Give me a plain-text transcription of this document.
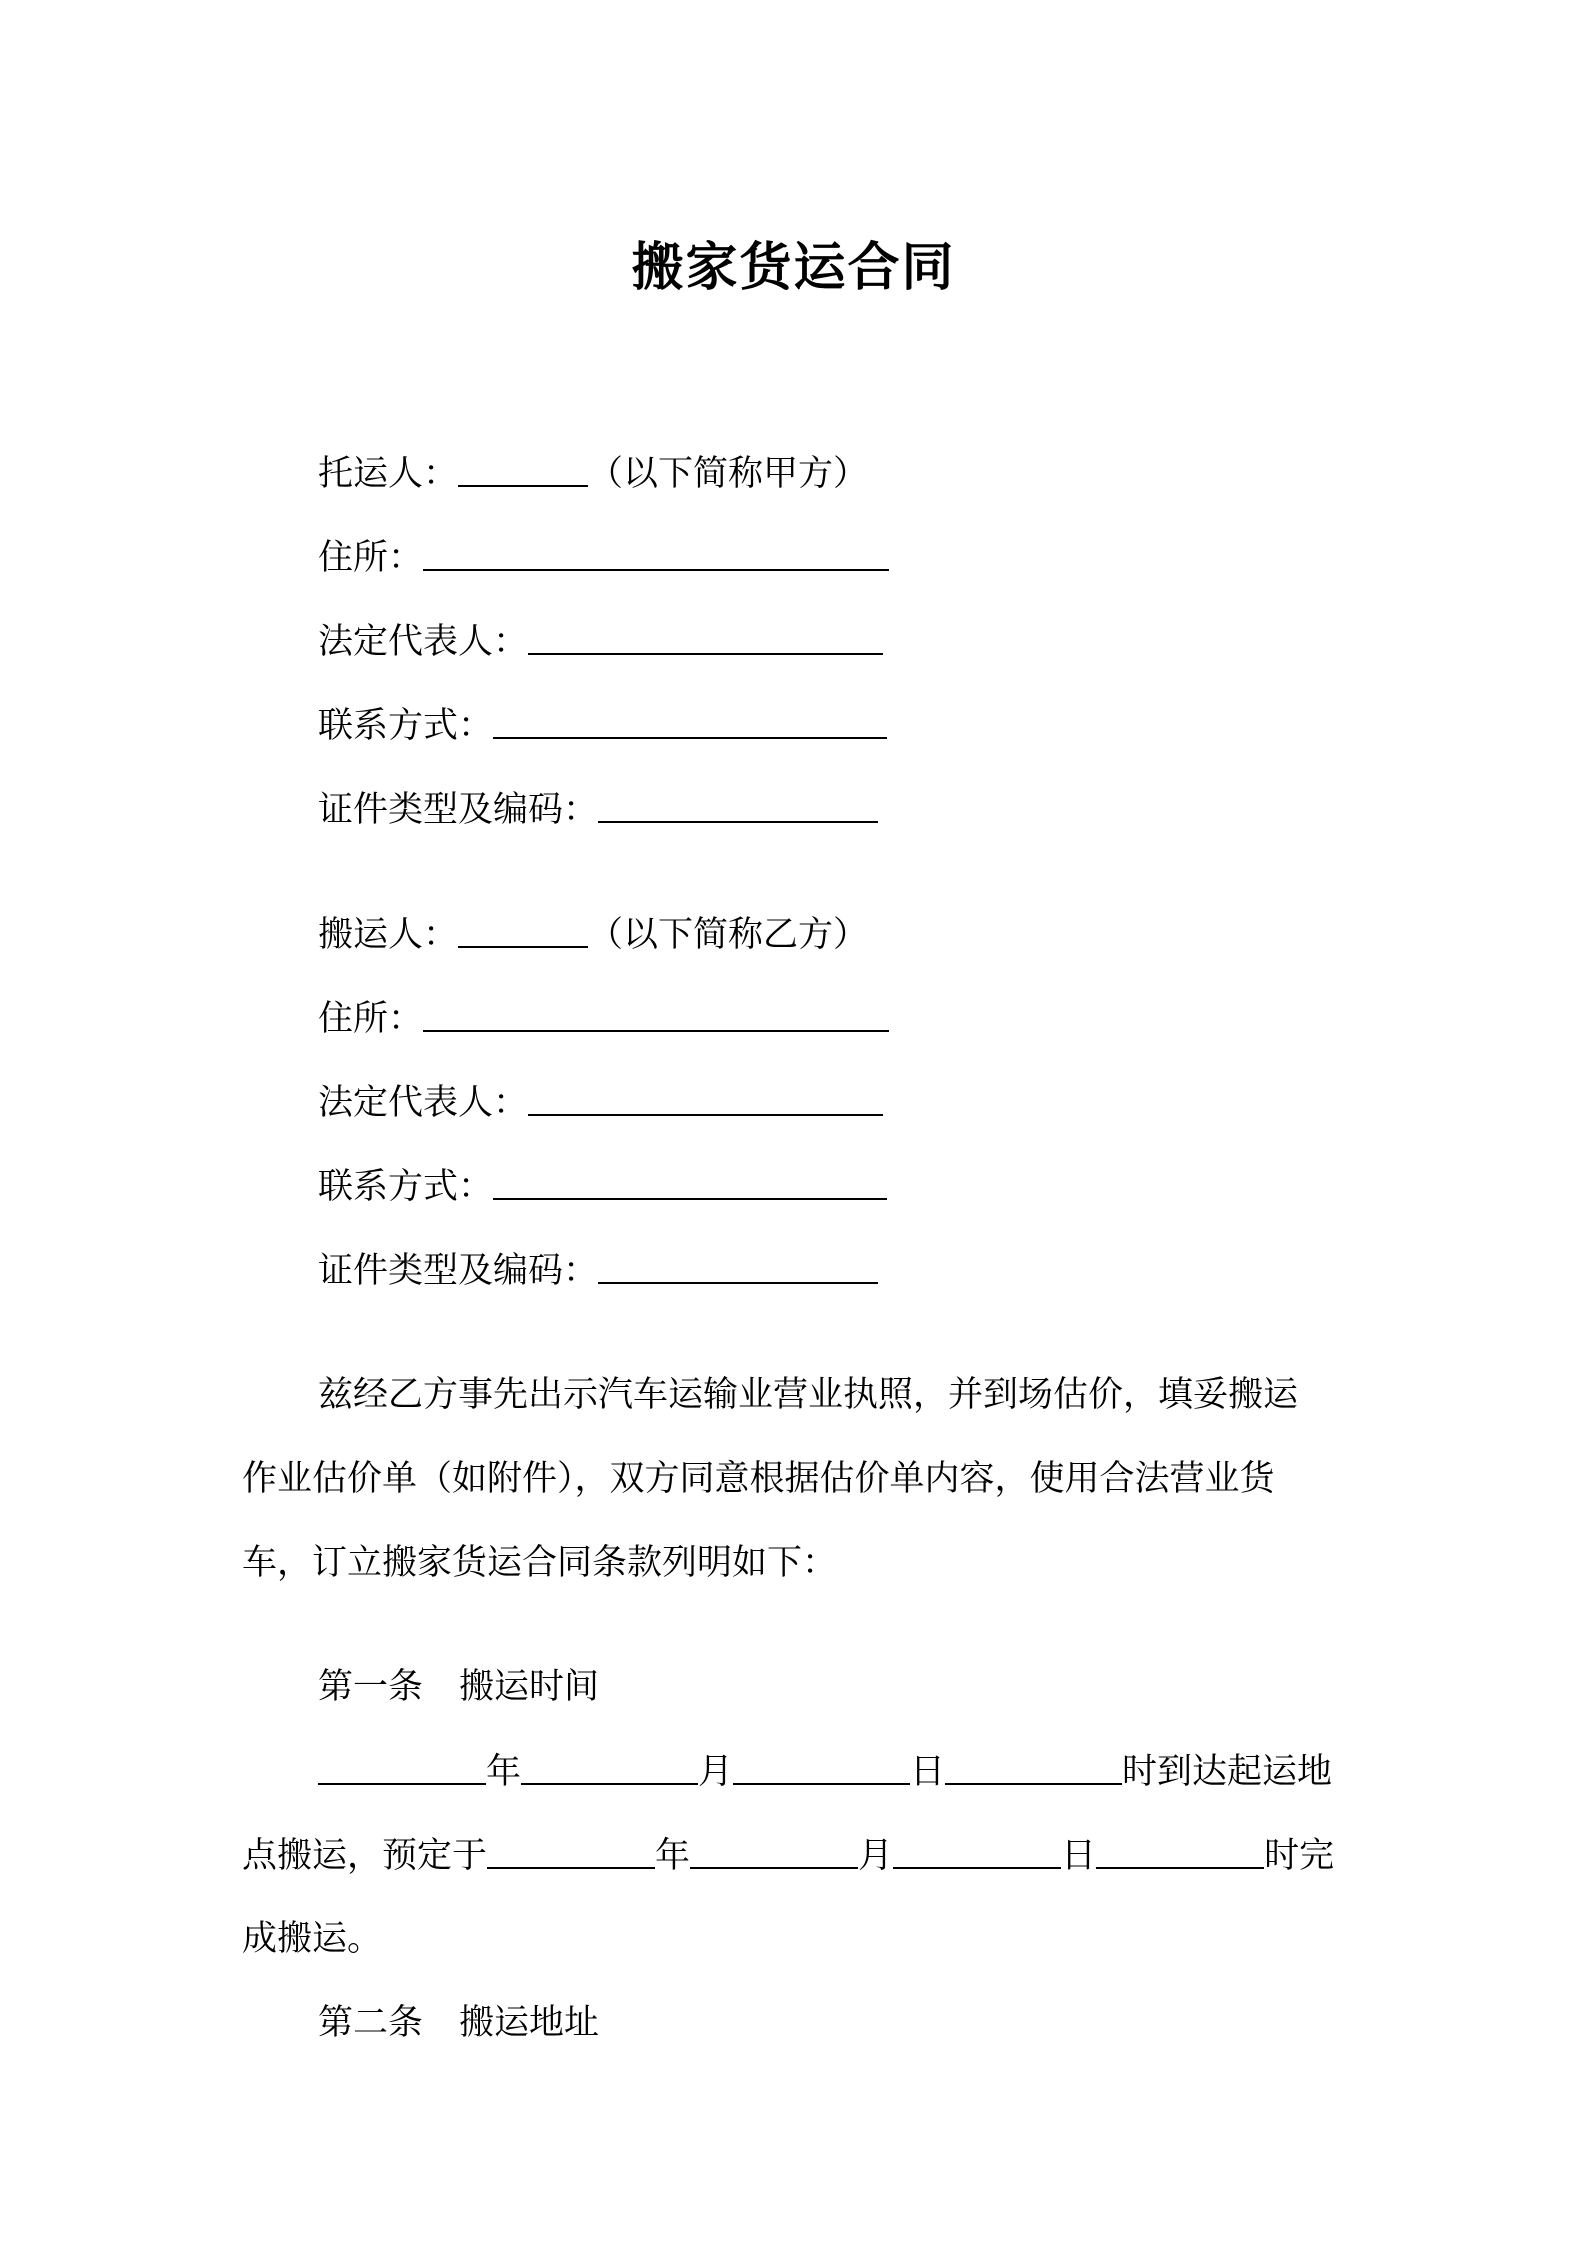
搬家货运合同
托运人：	（以下简称甲方）
住所：
法定代表人：
联系方式：
证件类型及编码：
搬运人：	（以下简称乙方）
住所：
法定代表人：
联系方式：
证件类型及编码：
兹经乙方事先出示汽车运输业营业执照，并到场估价，填妥搬运
作业估价单（如附件），双方同意根据估价单内容，使用合法营业货
车，订立搬家货运合同条款列明如下：
第一条 搬运时间
年	月	日	时到达起运地
点搬运，预定于	年	月	日	时完
成搬运。
第二条 搬运地址
